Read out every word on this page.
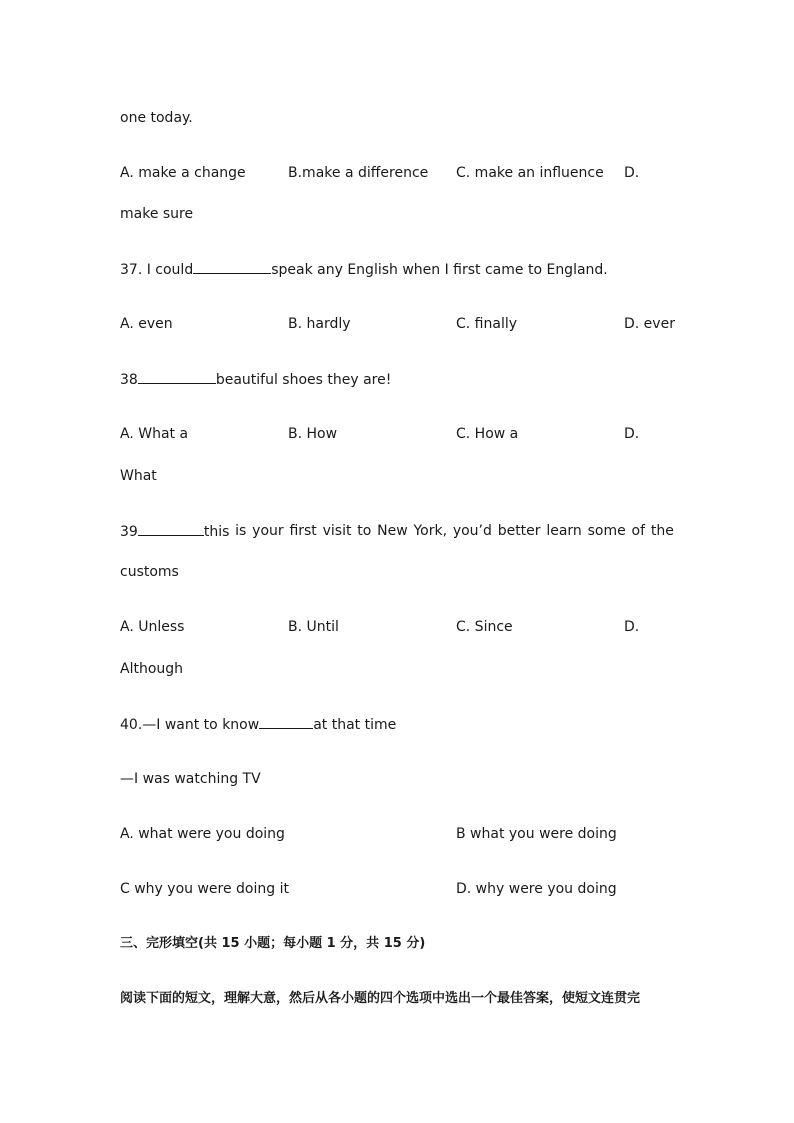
one today.
A. make a change	B.make a difference C. make an influence D.
make sure
37. I could	speak any English when I first came to England.
A. even	B. hardly	C. finally	D. ever
38	beautiful shoes they are!
A. What a	B. How	C. How a	D.
What
39	this is your first visit to New York, you’d better learn some of the
customs
A. Unless	B. Until	C. Since	D.
Although
40.—I want to know	at that time
—I was watching TV
A. what were you doing	B what you were doing
C why you were doing it	D. why were you doing
三、完形填空(共 15 小题；每小题 1 分，共 15 分)
阅读下面的短文，理解大意，然后从各小题的四个选项中选出一个最佳答案，使短文连贯完
